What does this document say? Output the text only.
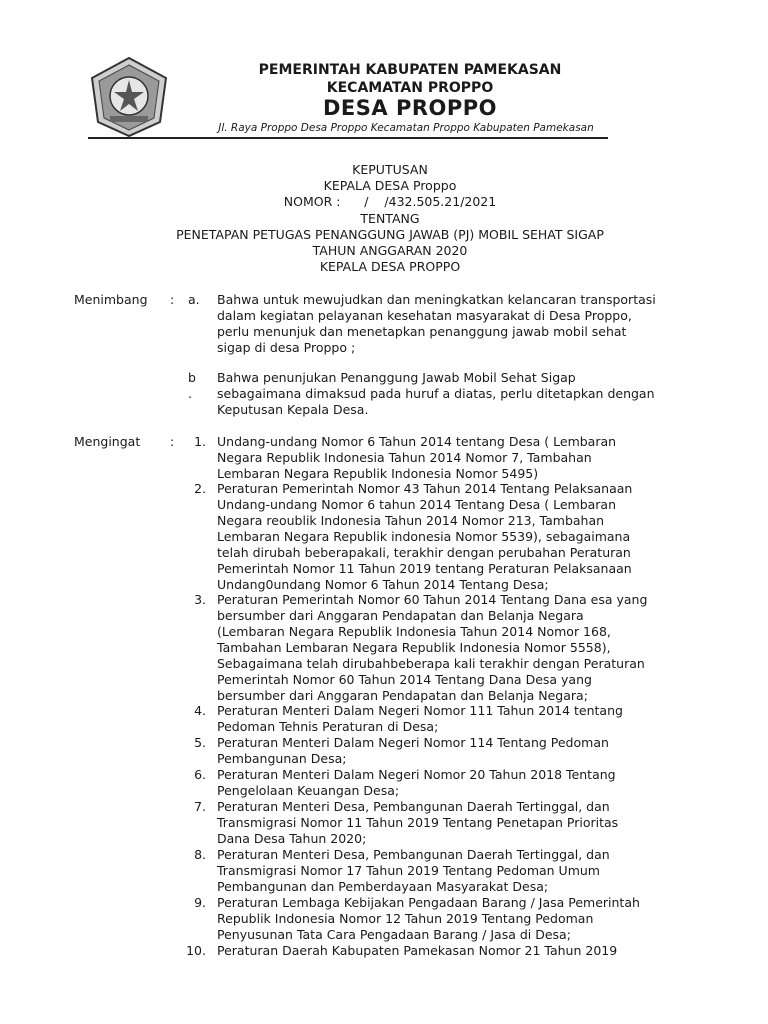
PEMERINTAH KABUPATEN PAMEKASAN
KECAMATAN PROPPO
DESA PROPPO
Jl. Raya Proppo Desa Proppo Kecamatan Proppo Kabupaten Pamekasan
KEPUTUSAN
KEPALA DESA Proppo
NOMOR :      /    /432.505.21/2021
TENTANG
PENETAPAN PETUGAS PENANGGUNG JAWAB (PJ) MOBIL SEHAT SIGAP
TAHUN ANGGARAN 2020
KEPALA DESA PROPPO
Menimbang : a. Bahwa untuk mewujudkan dan meningkatkan kelancaran transportasi
dalam kegiatan pelayanan kesehatan masyarakat di Desa Proppo,
perlu menunjuk dan menetapkan penanggung jawab mobil sehat
sigap di desa Proppo ;
b
.
Bahwa penunjukan Penanggung Jawab Mobil Sehat Sigap
sebagaimana dimaksud pada huruf a diatas, perlu ditetapkan dengan
Keputusan Kepala Desa.
Mengingat :	1. Undang-undang Nomor 6 Tahun 2014 tentang Desa ( Lembaran
Negara Republik Indonesia Tahun 2014 Nomor 7, Tambahan
Lembaran Negara Republik Indonesia Nomor 5495)
2. Peraturan Pemerintah Nomor 43 Tahun 2014 Tentang Pelaksanaan
Undang-undang Nomor 6 tahun 2014 Tentang Desa ( Lembaran
Negara reoublik Indonesia Tahun 2014 Nomor 213, Tambahan
Lembaran Negara Republik indonesia Nomor 5539), sebagaimana
telah dirubah beberapakali, terakhir dengan perubahan Peraturan
Pemerintah Nomor 11 Tahun 2019 tentang Peraturan Pelaksanaan
Undang0undang Nomor 6 Tahun 2014 Tentang Desa;
3. Peraturan Pemerintah Nomor 60 Tahun 2014 Tentang Dana esa yang
bersumber dari Anggaran Pendapatan dan Belanja Negara
(Lembaran Negara Republik Indonesia Tahun 2014 Nomor 168,
Tambahan Lembaran Negara Republik Indonesia Nomor 5558),
Sebagaimana telah dirubahbeberapa kali terakhir dengan Peraturan
Pemerintah Nomor 60 Tahun 2014 Tentang Dana Desa yang
bersumber dari Anggaran Pendapatan dan Belanja Negara;
4. Peraturan Menteri Dalam Negeri Nomor 111 Tahun 2014 tentang
Pedoman Tehnis Peraturan di Desa;
5. Peraturan Menteri Dalam Negeri Nomor 114 Tentang Pedoman
Pembangunan Desa;
6. Peraturan Menteri Dalam Negeri Nomor 20 Tahun 2018 Tentang
Pengelolaan Keuangan Desa;
7. Peraturan Menteri Desa, Pembangunan Daerah Tertinggal, dan
Transmigrasi Nomor 11 Tahun 2019 Tentang Penetapan Prioritas
Dana Desa Tahun 2020;
8. Peraturan Menteri Desa, Pembangunan Daerah Tertinggal, dan
Transmigrasi Nomor 17 Tahun 2019 Tentang Pedoman Umum
Pembangunan dan Pemberdayaan Masyarakat Desa;
9. Peraturan Lembaga Kebijakan Pengadaan Barang / Jasa Pemerintah
Republik Indonesia Nomor 12 Tahun 2019 Tentang Pedoman
Penyusunan Tata Cara Pengadaan Barang / Jasa di Desa;
10. Peraturan Daerah Kabupaten Pamekasan Nomor 21 Tahun 2019
